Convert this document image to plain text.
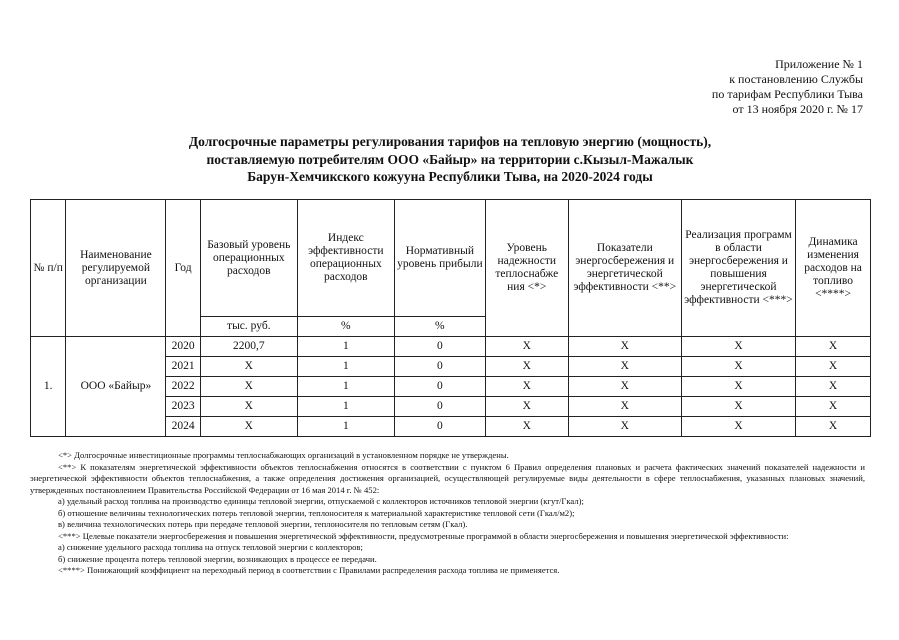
Приложение № 1
к постановлению Службы
по тарифам Республики Тыва
от 13 ноября 2020 г. № 17
Долгосрочные параметры регулирования тарифов на тепловую энергию (мощность),
поставляемую потребителям ООО «Байыр» на территории с.Кызыл-Мажалык
Барун-Хемчикского кожууна Республики Тыва, на 2020-2024 годы
№ п/п	Наименование регулируемой организации	Год	Базовый уровень операционных расходов	Индекс эффективности операционных расходов	Нормативный уровень прибыли	Уровень надежности теплоснабже ния <*>	Показатели энергосбережения и энергетической эффективности <**>	Реализация программ в области энергосбережения и повышения энергетической эффективности <***>	Динамика изменения расходов на топливо <****>
			тыс. руб.	%	%				
1.	ООО «Байыр»	2020	2200,7	1	0	X	X	X	X
		2021	X	1	0	X	X	X	X
		2022	X	1	0	X	X	X	X
		2023	X	1	0	X	X	X	X
		2024	X	1	0	X	X	X	X

<*> Долгосрочные инвестиционные программы теплоснабжающих организаций в установленном порядке не утверждены.

<**> К показателям энергетической эффективности объектов теплоснабжения относятся в соответствии с пунктом 6 Правил определения плановых и расчета фактических значений показателей надежности и энергетической эффективности объектов теплоснабжения, а также определения достижения организацией, осуществляющей регулируемые виды деятельности в сфере теплоснабжения, указанных плановых значений, утвержденных постановлением Правительства Российской Федерации от 16 мая 2014 г. № 452:

а) удельный расход топлива на производство единицы тепловой энергии, отпускаемой с коллекторов источников тепловой энергии (кгут/Гкал);

б) отношение величины технологических потерь тепловой энергии, теплоносителя к материальной характеристике тепловой сети (Гкал/м2);

в) величина технологических потерь при передаче тепловой энергии, теплоносителя по тепловым сетям (Гкал).

<***> Целевые показатели энергосбережения и повышения энергетической эффективности, предусмотренные программой в области энергосбережения и повышения энергетической эффективности:

а) снижение удельного расхода топлива на отпуск тепловой энергии с коллекторов;

б) снижение процента потерь тепловой энергии, возникающих в процессе ее передачи.

<****> Понижающий коэффициент на переходный период в соответствии с Правилами распределения расхода топлива не применяется.
